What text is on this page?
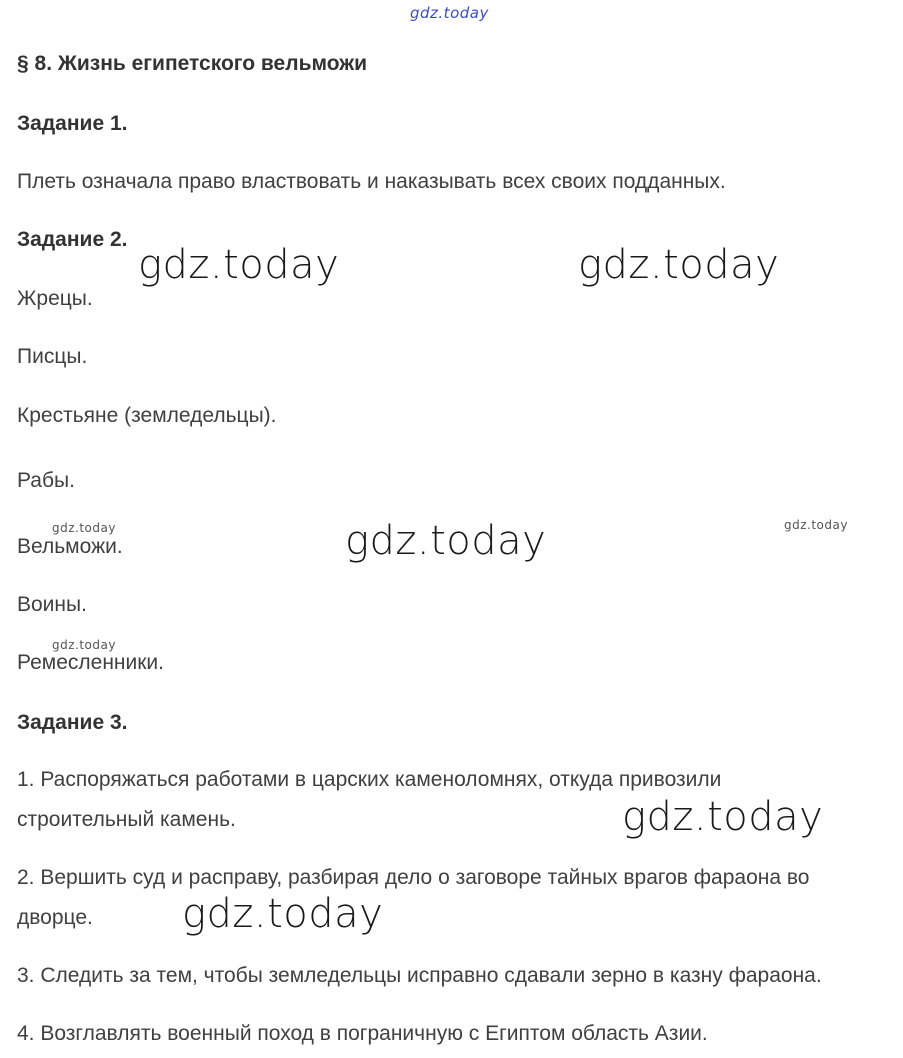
gdz.today
§ 8. Жизнь египетского вельможи
Задание 1.
Плеть означала право властвовать и наказывать всех своих подданных.
Задание 2.
Жрецы.
Писцы.
Крестьяне (земледельцы).
Рабы.
Вельможи.
Воины.
Ремесленники.
Задание 3.
1. Распоряжаться работами в царских каменоломнях, откуда привозили
строительный камень.
2. Вершить суд и расправу, разбирая дело о заговоре тайных врагов фараона во
дворце.
3. Следить за тем, чтобы земледельцы исправно сдавали зерно в казну фараона.
4. Возглавлять военный поход в пограничную с Египтом область Азии.
gdz.today	gdz.today
gdz.today
gdz.today
gdz.today
gdz.today	gdz.today
gdz.today
